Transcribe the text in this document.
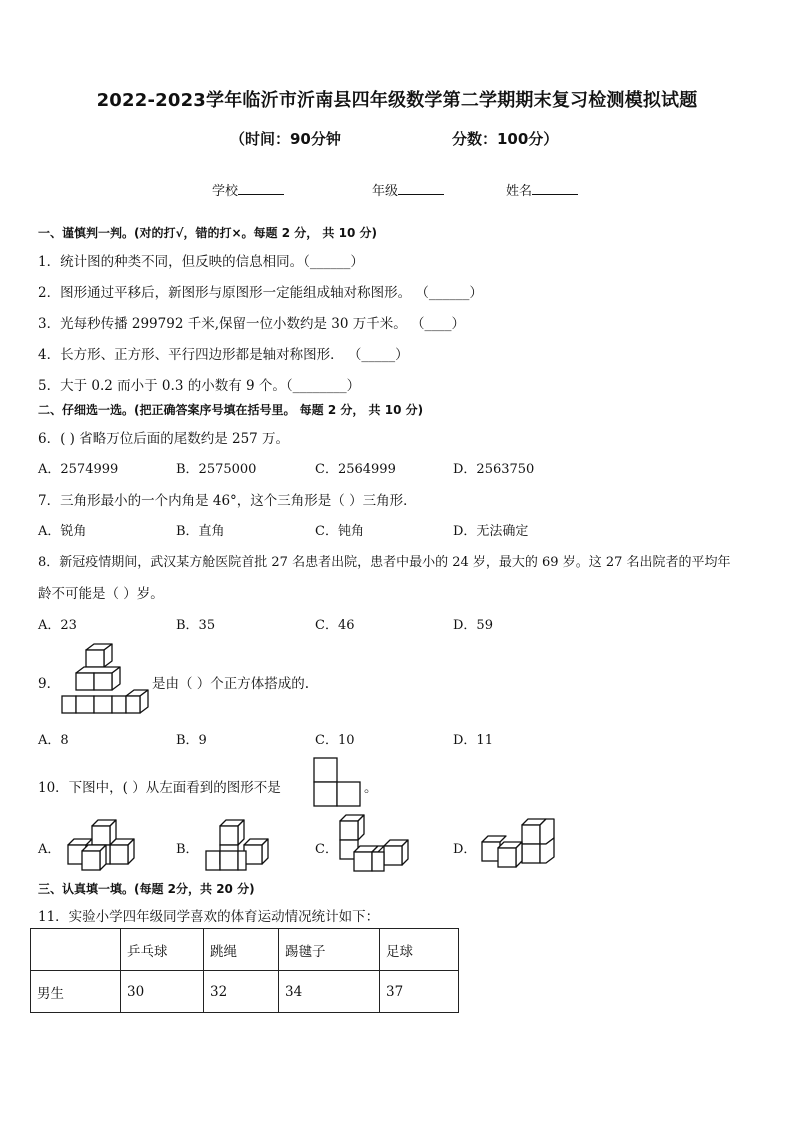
2022-2023学年临沂市沂南县四年级数学第二学期期末复习检测模拟试题
（时间：90分钟	分数：100分）
学校	年级	姓名
一、谨慎判一判。(对的打√，错的打×。每题 2 分， 共 10 分)
1．统计图的种类不同，但反映的信息相同。（______）
2．图形通过平移后，新图形与原图形一定能组成轴对称图形。 （______）
3．光每秒传播 299792 千米,保留一位小数约是 30 万千米。 （____）
4．长方形、正方形、平行四边形都是轴对称图形． （_____）
5．大于 0.2 而小于 0.3 的小数有 9 个。（________）
二、仔细选一选。(把正确答案序号填在括号里。 每题 2 分， 共 10 分)
6．( ) 省略万位后面的尾数约是 257 万。
A．2574999	B．2575000	C．2564999	D．2563750
7．三角形最小的一个内角是 46°，这个三角形是（ ）三角形．
A．锐角	B．直角	C．钝角	D．无法确定
8．新冠疫情期间，武汉某方舱医院首批 27 名患者出院，患者中最小的 24 岁，最大的 69 岁。这 27 名出院者的平均年
龄不可能是（ ）岁。
A．23	B．35	C．46	D．59
9．	是由（ ）个正方体搭成的.
A．8	B．9	C．10	D．11
10．下图中，( ）从左面看到的图形不是	。
A．	B．	C．	D．
三、认真填一填。(每题 2分，共 20 分)
11．实验小学四年级同学喜欢的体育运动情况统计如下：
	乒乓球	跳绳	踢毽子	足球
男生	30	32	34	37
